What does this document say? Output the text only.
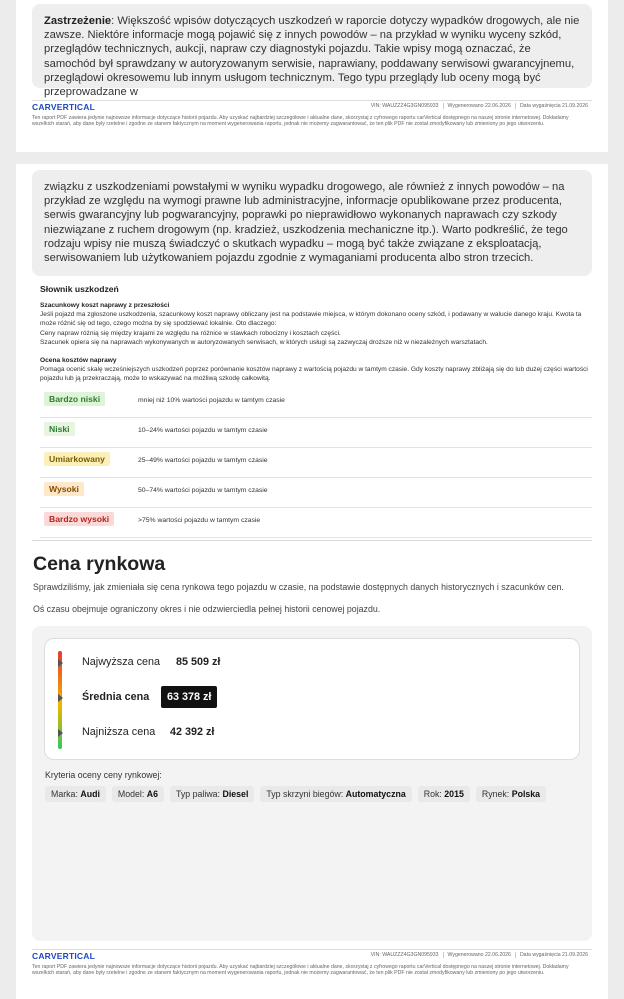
Zastrzeżenie: Większość wpisów dotyczących uszkodzeń w raporcie dotyczy wypadków drogowych, ale nie zawsze. Niektóre informacje mogą pojawić się z innych powodów – na przykład w wyniku wyceny szkód, przeglądów technicznych, aukcji, napraw czy diagnostyki pojazdu. Takie wpisy mogą oznaczać, że samochód był sprawdzany w autoryzowanym serwisie, naprawiany, poddawany serwisowi gwarancyjnemu, przeglądowi okresowemu lub innym usługom technicznym. Tego typu przeglądy lub oceny mogą być przeprowadzane w
CARVERTICAL	VIN: WAUZZZ4G3GN095933 Wygenerowano 22.06.2026 Data wygaśnięcia 21.09.2026
Ten raport PDF zawiera jedynie najnowsze informacje dotyczące historii pojazdu. Aby uzyskać najbardziej szczegółowe i aktualne dane, skorzystaj z cyfrowego raportu carVertical dostępnego na naszej stronie internetowej. Dokładamy wszelkich starań, aby dane były rzetelne i zgodne ze stanem faktycznym na moment wygenerowania raportu, jednak nie możemy zagwarantować, że ten plik PDF nie został zmodyfikowany lub zmieniony po jego utworzeniu.
związku z uszkodzeniami powstałymi w wyniku wypadku drogowego, ale również z innych powodów – na przykład ze względu na wymogi prawne lub administracyjne, informacje opublikowane przez producenta, serwis gwarancyjny lub pogwarancyjny, poprawki po nieprawidłowo wykonanych naprawach czy szkody niezwiązane z ruchem drogowym (np. kradzież, uszkodzenia mechaniczne itp.). Warto podkreślić, że tego rodzaju wpisy nie muszą świadczyć o skutkach wypadku – mogą być także związane z eksploatacją, serwisowaniem lub użytkowaniem pojazdu zgodnie z wymaganiami producenta albo stron trzecich.
Słownik uszkodzeń
Szacunkowy koszt naprawy z przeszłości
Jeśli pojazd ma zgłoszone uszkodzenia, szacunkowy koszt naprawy obliczany jest na podstawie miejsca, w którym dokonano oceny szkód, i podawany w walucie danego kraju. Kwota ta może różnić się od tego, czego można by się spodziewać lokalnie. Oto dlaczego:
Ceny napraw różnią się między krajami ze względu na różnice w stawkach robocizny i kosztach części.
Szacunek opiera się na naprawach wykonywanych w autoryzowanych serwisach, w których usługi są zazwyczaj droższe niż w niezależnych warsztatach.
Ocena kosztów naprawy
Pomaga ocenić skalę wcześniejszych uszkodzeń poprzez porównanie kosztów naprawy z wartością pojazdu w tamtym czasie. Gdy koszty naprawy zbliżają się do lub dużej części wartości pojazdu lub ją przekraczają, może to wskazywać na możliwą szkodę całkowitą.
Bardzo niski	mniej niż 10% wartości pojazdu w tamtym czasie
Niski	10–24% wartości pojazdu w tamtym czasie
Umiarkowany	25–49% wartości pojazdu w tamtym czasie
Wysoki	50–74% wartości pojazdu w tamtym czasie
Bardzo wysoki	>75% wartości pojazdu w tamtym czasie
Cena rynkowa
Sprawdziliśmy, jak zmieniała się cena rynkowa tego pojazdu w czasie, na podstawie dostępnych danych historycznych i szacunków cen.
Oś czasu obejmuje ograniczony okres i nie odzwierciedla pełnej historii cenowej pojazdu.
Najwyższa cena 85 509 zł
Średnia cena	63 378 zł
Najniższa cena 42 392 zł
Kryteria oceny ceny rynkowej:
Marka: Audi	Model: A6	Typ paliwa: Diesel	Typ skrzyni biegów: Automatyczna	Rok: 2015	Rynek: Polska
CARVERTICAL	VIN: WAUZZZ4G3GN095933 Wygenerowano 22.06.2026 Data wygaśnięcia 21.09.2026
Ten raport PDF zawiera jedynie najnowsze informacje dotyczące historii pojazdu. Aby uzyskać najbardziej szczegółowe i aktualne dane, skorzystaj z cyfrowego raportu carVertical dostępnego na naszej stronie internetowej. Dokładamy wszelkich starań, aby dane były rzetelne i zgodne ze stanem faktycznym na moment wygenerowania raportu, jednak nie możemy zagwarantować, że ten plik PDF nie został zmodyfikowany lub zmieniony po jego utworzeniu.
